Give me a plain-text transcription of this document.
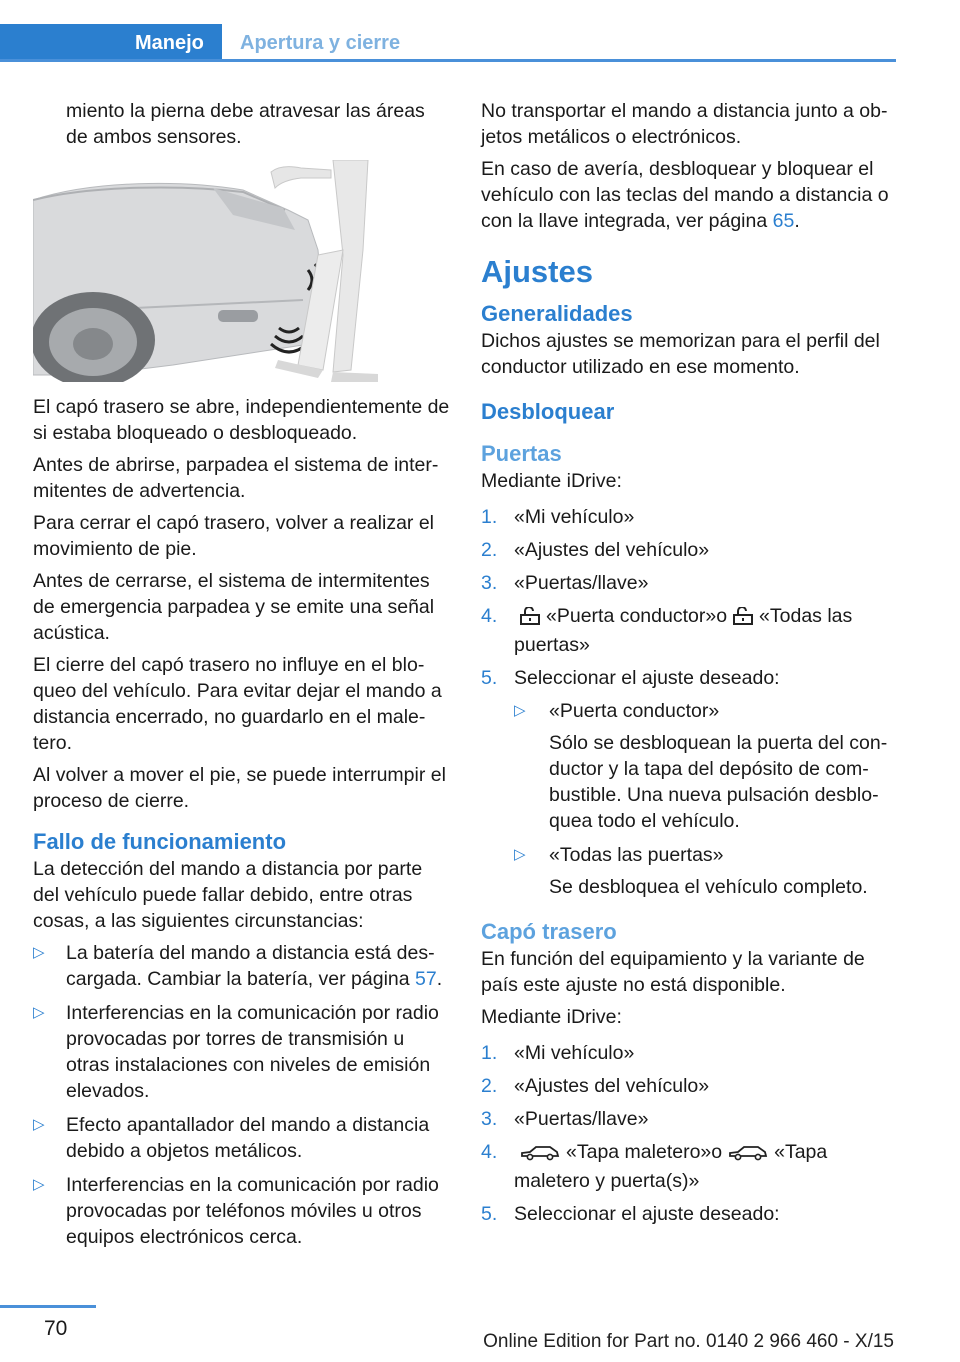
Manejo	Apertura y cierre

miento la pierna debe atravesar las áreas de ambos sensores.

El capó trasero se abre, independientemente de si estaba bloqueado o desbloqueado.

Antes de abrirse, parpadea el sistema de intermitentes de advertencia.

Para cerrar el capó trasero, volver a realizar el movimiento de pie.

Antes de cerrarse, el sistema de intermitentes de emergencia parpadea y se emite una señal acústica.

El cierre del capó trasero no influye en el bloqueo del vehículo. Para evitar dejar el mando a distancia encerrado, no guardarlo en el maletero.

Al volver a mover el pie, se puede interrumpir el proceso de cierre.

Fallo de funcionamiento

La detección del mando a distancia por parte del vehículo puede fallar debido, entre otras cosas, a las siguientes circunstancias:

▷ La batería del mando a distancia está descargada. Cambiar la batería, ver página 57.
▷ Interferencias en la comunicación por radio provocadas por torres de transmisión u otras instalaciones con niveles de emisión elevados.
▷ Efecto apantallador del mando a distancia debido a objetos metálicos.
▷ Interferencias en la comunicación por radio provocadas por teléfonos móviles u otros equipos electrónicos cerca.

No transportar el mando a distancia junto a objetos metálicos o electrónicos.

En caso de avería, desbloquear y bloquear el vehículo con las teclas del mando a distancia o con la llave integrada, ver página 65.

Ajustes
Generalidades

Dichos ajustes se memorizan para el perfil del conductor utilizado en ese momento.

Desbloquear
Puertas

Mediante iDrive:

1. «Mi vehículo»
2. «Ajustes del vehículo»
3. «Puertas/llave»
4. «Puerta conductor»o «Todas las puertas»
5. Seleccionar el ajuste deseado:
▷ «Puerta conductor»
Sólo se desbloquean la puerta del conductor y la tapa del depósito de combustible. Una nueva pulsación desbloquea todo el vehículo.
▷ «Todas las puertas»
Se desbloquea el vehículo completo.
Capó trasero

En función del equipamiento y la variante de país este ajuste no está disponible.

Mediante iDrive:

1. «Mi vehículo»
2. «Ajustes del vehículo»
3. «Puertas/llave»
4.	«Tapa maletero»o	«Tapa maletero y puerta(s)»
5. Seleccionar el ajuste deseado:
70
Online Edition for Part no. 0140 2 966 460 - X/15
